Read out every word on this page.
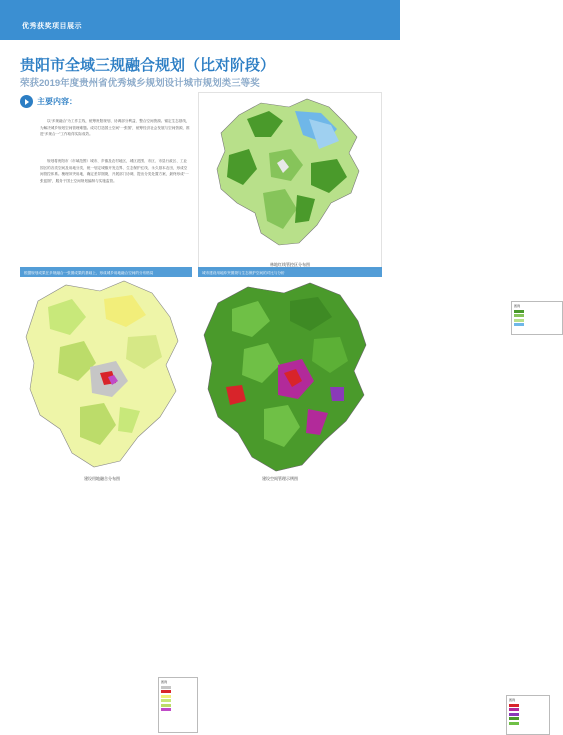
优秀获奖项目展示
贵阳市全域三规融合规划（比对阶段）
荣获2019年度贵州省优秀城乡规划设计城市规划类三等奖
主要内容：

以“多规融合”为工作主线，统筹贵阳规划、协调部分利益、整合空间资源。锚定生态基线，为解决城乡规划空间管理难题。成功打造国土空间“一张图”，统筹经济社会发展与空间资源，推进“多规合一”工作取得实际成效。

规划将贵阳市（市域范围）城市、乡镇及农村地区，城区范围、市区、市县行政区、工业园区的各类空间及用地分类，统一划定城镇开发边界、生态保护红线、永久基本农田，形成空间管控体系。梳理冲突用地，确定差异图斑，开展部门协调，提出分类处置方案，最终形成“一张蓝图”，服务于国土空间规划编制与实施监管。

图例
林地红线管控区分布图
根据规划成果在多规融合一张图成果的基础上，形成城乡用地融合空间的分布格局
图例
建设用地融合分布图
城市建设用地冲突图斑与生态保护空间的对比与分析
图例
建设空间管理示例图
